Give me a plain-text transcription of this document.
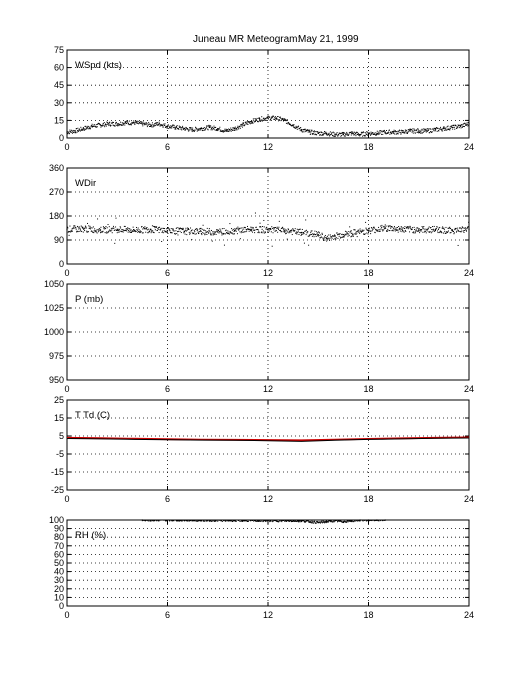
Juneau MR Meteogram:
May 21, 1999
0	6	12	18	24
0
15
30
45
60
75
WSpd (kts)
0	6	12	18	24
0
90
180
270
360
WDir
0	6	12	18	24
950
975
1000
1025
1050
P (mb)
0	6	12	18	24
-25
-15
-5
5
15
25
T Td (C)
0	6	12	18	24
0
10
20
30
40
50
60
70
80
90
100
RH (%)
